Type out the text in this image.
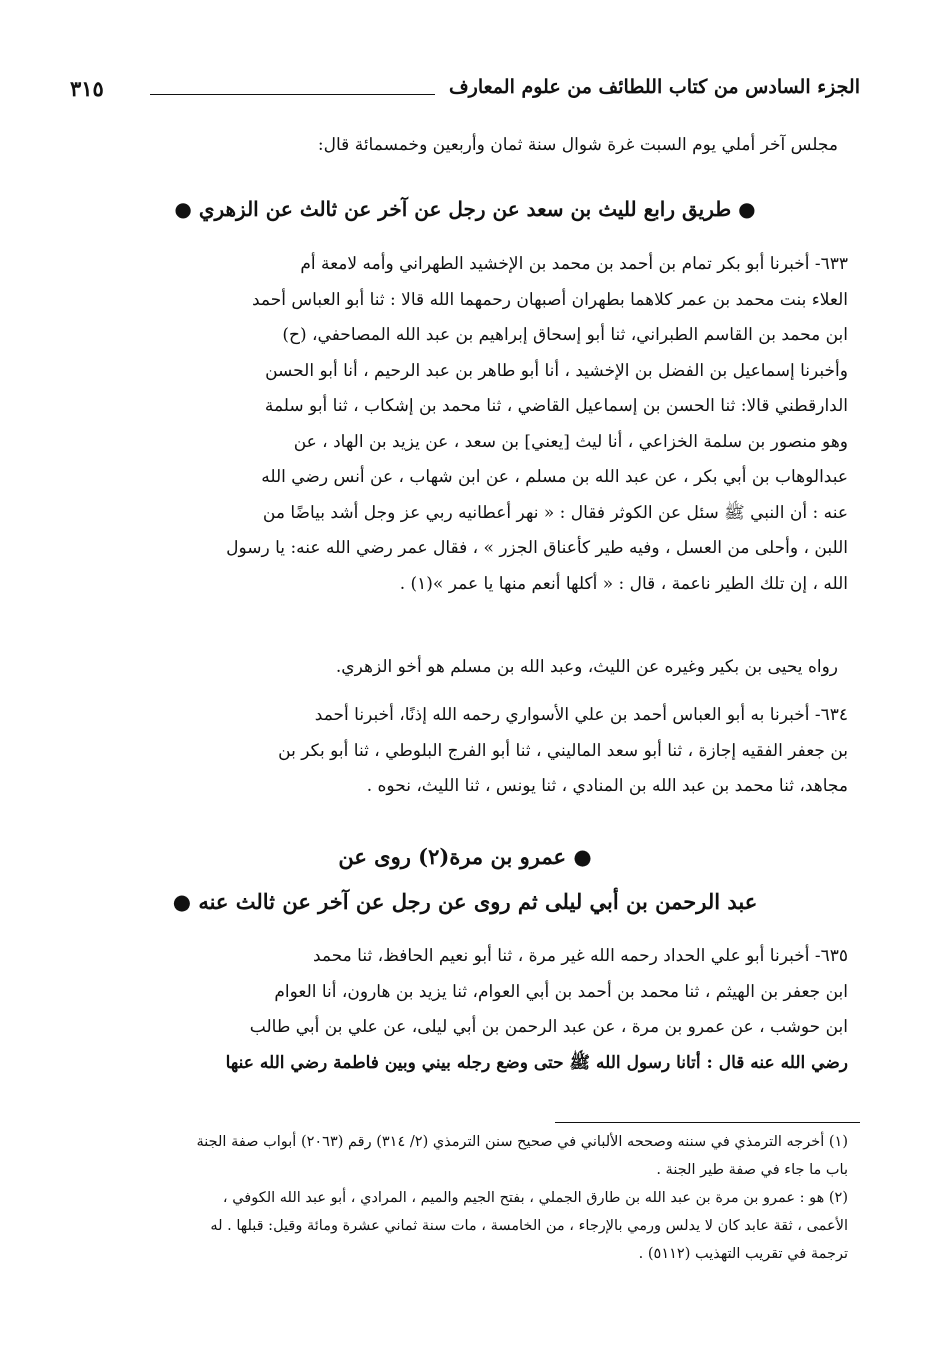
الجزء السادس من كتاب اللطائف من علوم المعارف
٣١٥
مجلس آخر أملي يوم السبت غرة شوال سنة ثمان وأربعين وخمسمائة قال:
● طريق رابع لليث بن سعد عن رجل عن آخر عن ثالث عن الزهري ●
٦٣٣- أخبرنا أبو بكر تمام بن أحمد بن محمد بن الإخشيد الطهراني وأمه لامعة أم
العلاء بنت محمد بن عمر كلاهما بطهران أصبهان رحمهما الله قالا : ثنا أبو العباس أحمد
ابن محمد بن القاسم الطبراني، ثنا أبو إسحاق إبراهيم بن عبد الله المصاحفي، (ح)
وأخبرنا إسماعيل بن الفضل بن الإخشيد ، أنا أبو طاهر بن عبد الرحيم ، أنا أبو الحسن
الدارقطني قالا: ثنا الحسن بن إسماعيل القاضي ، ثنا محمد بن إشكاب ، ثنا أبو سلمة
وهو منصور بن سلمة الخزاعي ، أنا ليث [يعني] بن سعد ، عن يزيد بن الهاد ، عن
عبدالوهاب بن أبي بكر ، عن عبد الله بن مسلم ، عن ابن شهاب ، عن أنس رضي الله
عنه : أن النبي ﷺ سئل عن الكوثر فقال : « نهر أعطانيه ربي عز وجل أشد بياضًا من
اللبن ، وأحلى من العسل ، وفيه طير كأعناق الجزر » ، فقال عمر رضي الله عنه: يا رسول
الله ، إن تلك الطير ناعمة ، قال : « أكلها أنعم منها يا عمر »(١) .
رواه يحيى بن بكير وغيره عن الليث، وعبد الله بن مسلم هو أخو الزهري.
٦٣٤- أخبرنا به أبو العباس أحمد بن علي الأسواري رحمه الله إذنًا، أخبرنا أحمد
بن جعفر الفقيه إجازة ، ثنا أبو سعد الماليني ، ثنا أبو الفرج البلوطي ، ثنا أبو بكر بن
مجاهد، ثنا محمد بن عبد الله بن المنادي ، ثنا يونس ، ثنا الليث، نحوه .
● عمرو بن مرة(٢) روى عن
عبد الرحمن بن أبي ليلى ثم روى عن رجل عن آخر عن ثالث عنه ●
٦٣٥- أخبرنا أبو علي الحداد رحمه الله غير مرة ، ثنا أبو نعيم الحافظ، ثنا محمد
ابن جعفر بن الهيثم ، ثنا محمد بن أحمد بن أبي العوام، ثنا يزيد بن هارون، أنا العوام
ابن حوشب ، عن عمرو بن مرة ، عن عبد الرحمن بن أبي ليلى، عن علي بن أبي طالب
رضي الله عنه قال : أتانا رسول الله ﷺ حتى وضع رجله بيني وبين فاطمة رضي الله عنها
(١) أخرجه الترمذي في سننه وصححه الألباني في صحيح سنن الترمذي (٢/ ٣١٤) رقم (٢٠٦٣) أبواب صفة الجنة
باب ما جاء في صفة طير الجنة .
(٢) هو : عمرو بن مرة بن عبد الله بن طارق الجملي ، بفتح الجيم والميم ، المرادي ، أبو عبد الله الكوفي ،
الأعمى ، ثقة عابد كان لا يدلس ورمي بالإرجاء ، من الخامسة ، مات سنة ثماني عشرة ومائة وقيل: قبلها . له
ترجمة في تقريب التهذيب (٥١١٢) .
